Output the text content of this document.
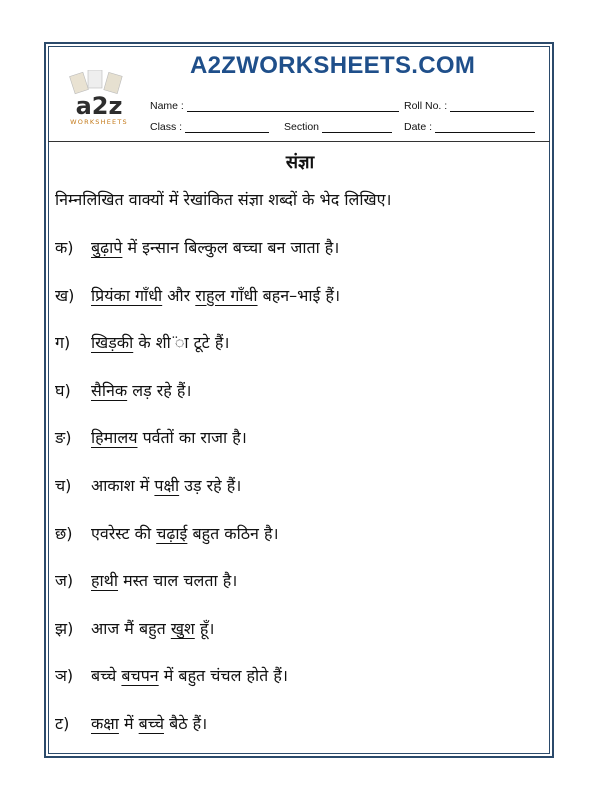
a2z
WORKSHEETS
A2ZWORKSHEETS.COM
Name :	Roll No. :
Class :	Section	Date :
संज्ञा
निम्नलिखित वाक्यों में रेखांकित संज्ञा शब्दों के भेद लिखिए।
क) बुढ़ापे में इन्सान बिल्कुल बच्चा बन जाता है।
ख) प्रियंका गाँधी और राहुल गाँधी बहन–भाई हैं।
ग) खिड़की के शी ̈ा टूटे हैं।
घ) सैनिक लड़ रहे हैं।
ङ) हिमालय पर्वतों का राजा है।
च) आकाश में पक्षी उड़ रहे हैं।
छ) एवरेस्ट की चढ़ाई बहुत कठिन है।
ज) हाथी मस्त चाल चलता है।
झ) आज मैं बहुत खुश हूँ।
ञ) बच्चे बचपन में बहुत चंचल होते हैं।
ट) कक्षा में बच्चे बैठे हैं।
